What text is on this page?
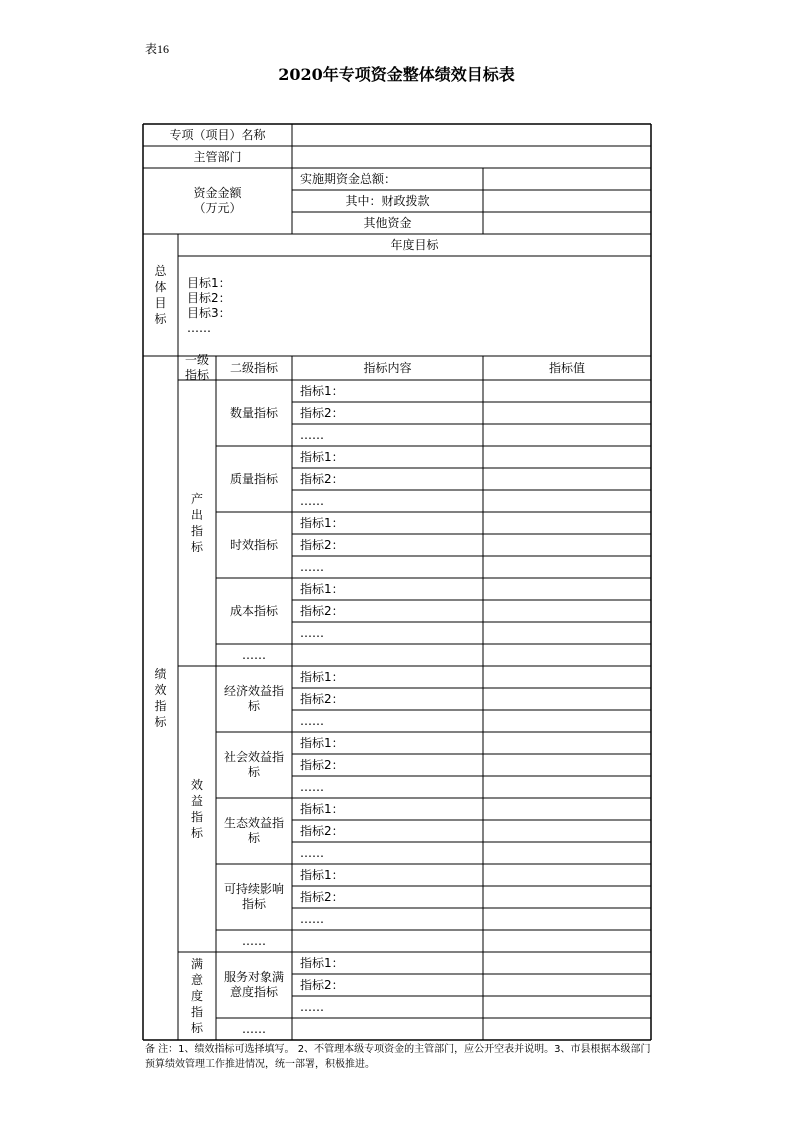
表16
2020年专项资金整体绩效目标表
专项（项目）名称
主管部门
资金金额（万元）
实施期资金总额：
其中：财政拨款
其他资金
总体目标
年度目标
目标1：
目标2：
目标3：
……
一级指标
二级指标	指标内容	指标值
指标1：
指标2：
……
数量指标
指标1：
指标2：
……
质量指标
指标1：
指标2：
……
时效指标
指标1：
指标2：
……
成本指标
……
产出指标
指标1：
指标2：
……
经济效益指标
指标1：
指标2：
……
社会效益指标
指标1：
指标2：
……
生态效益指标
指标1：
指标2：
……
可持续影响指标
……
效益指标
指标1：
指标2：
……
服务对象满意度指标
……
满意度指标
绩效指标
备 注：1、绩效指标可选择填写。 2、不管理本级专项资金的主管部门，应公开空表并说明。3、市县根据本级部门预算绩效管理工作推进情况，统一部署，积极推进。
